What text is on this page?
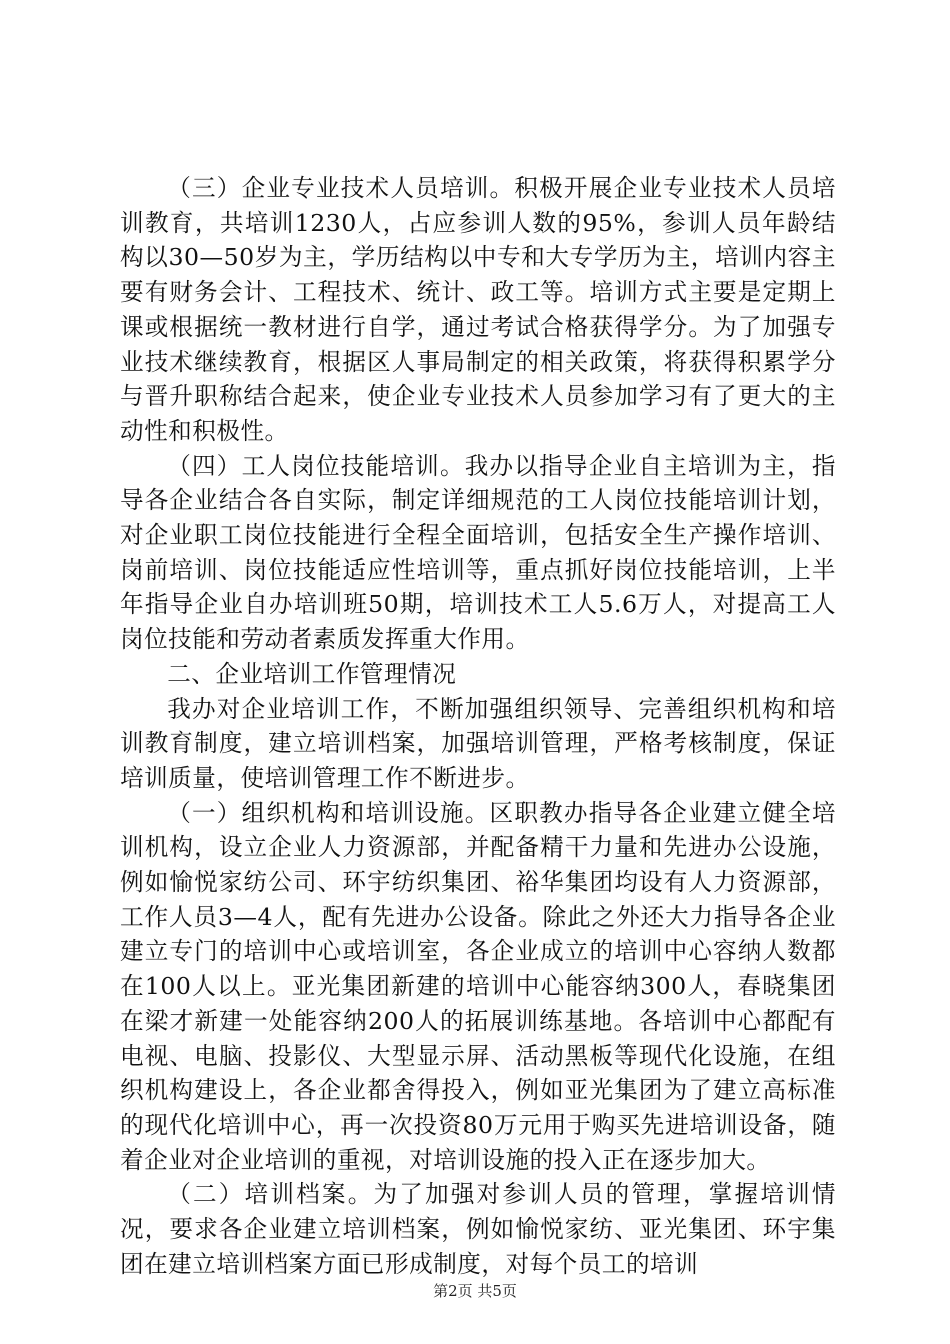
（三）企业专业技术人员培训。积极开展企业专业技术人员培训教育，共培训1230人，占应参训人数的95%，参训人员年龄结构以30—50岁为主，学历结构以中专和大专学历为主，培训内容主要有财务会计、工程技术、统计、政工等。培训方式主要是定期上课或根据统一教材进行自学，通过考试合格获得学分。为了加强专业技术继续教育，根据区人事局制定的相关政策，将获得积累学分与晋升职称结合起来，使企业专业技术人员参加学习有了更大的主动性和积极性。

（四）工人岗位技能培训。我办以指导企业自主培训为主，指导各企业结合各自实际，制定详细规范的工人岗位技能培训计划，对企业职工岗位技能进行全程全面培训，包括安全生产操作培训、岗前培训、岗位技能适应性培训等，重点抓好岗位技能培训，上半年指导企业自办培训班50期，培训技术工人5.6万人，对提高工人岗位技能和劳动者素质发挥重大作用。

二、企业培训工作管理情况

我办对企业培训工作，不断加强组织领导、完善组织机构和培训教育制度，建立培训档案，加强培训管理，严格考核制度，保证培训质量，使培训管理工作不断进步。

（一）组织机构和培训设施。区职教办指导各企业建立健全培训机构，设立企业人力资源部，并配备精干力量和先进办公设施，例如愉悦家纺公司、环宇纺织集团、裕华集团均设有人力资源部，工作人员3—4人，配有先进办公设备。除此之外还大力指导各企业建立专门的培训中心或培训室，各企业成立的培训中心容纳人数都在100人以上。亚光集团新建的培训中心能容纳300人，春晓集团在梁才新建一处能容纳200人的拓展训练基地。各培训中心都配有电视、电脑、投影仪、大型显示屏、活动黑板等现代化设施，在组织机构建设上，各企业都舍得投入，例如亚光集团为了建立高标准的现代化培训中心，再一次投资80万元用于购买先进培训设备，随着企业对企业培训的重视，对培训设施的投入正在逐步加大。

（二）培训档案。为了加强对参训人员的管理，掌握培训情况，要求各企业建立培训档案，例如愉悦家纺、亚光集团、环宇集团在建立培训档案方面已形成制度，对每个员工的培训

第2页 共5页
